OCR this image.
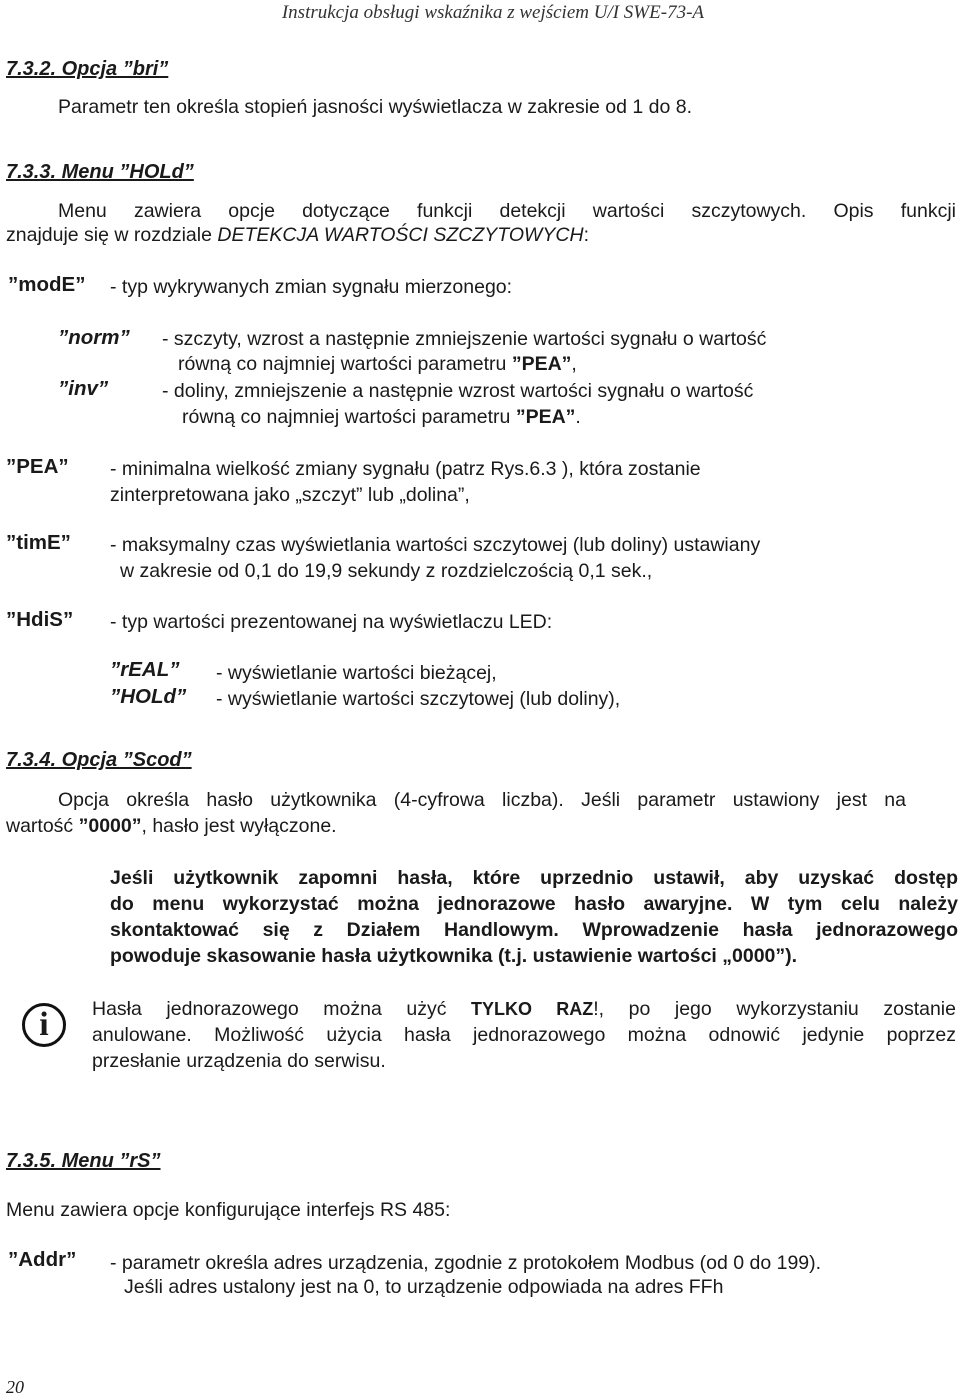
Instrukcja obsługi wskaźnika z wejściem U/I SWE-73-A
7.3.2. Opcja ”bri”
Parametr ten określa stopień jasności wyświetlacza w zakresie od 1 do 8.
7.3.3. Menu ”HOLd”
Menu zawiera opcje dotyczące funkcji detekcji wartości szczytowych. Opis funkcji
znajduje się w rozdziale DETEKCJA WARTOŚCI SZCZYTOWYCH:
”modE” - typ wykrywanych zmian sygnału mierzonego:
”norm” - szczyty, wzrost a następnie zmniejszenie wartości sygnału o wartość
równą co najmniej wartości parametru ”PEA”,
”inv”	- doliny, zmniejszenie a następnie wzrost wartości sygnału o wartość
równą co najmniej wartości parametru ”PEA”.
”PEA” - minimalna wielkość zmiany sygnału (patrz Rys.6.3 ), która zostanie
zinterpretowana jako „szczyt” lub „dolina”,
”timE” - maksymalny czas wyświetlania wartości szczytowej (lub doliny) ustawiany
w zakresie od 0,1 do 19,9 sekundy z rozdzielczością 0,1 sek.,
”HdiS” - typ wartości prezentowanej na wyświetlaczu LED:
”rEAL” - wyświetlanie wartości bieżącej,
”HOLd” - wyświetlanie wartości szczytowej (lub doliny),
7.3.4. Opcja ”Scod”
Opcja określa hasło użytkownika (4-cyfrowa liczba). Jeśli parametr ustawiony jest na
wartość ”0000”, hasło jest wyłączone.
Jeśli użytkownik zapomni hasła, które uprzednio ustawił, aby uzyskać dostęp
do menu wykorzystać można jednorazowe hasło awaryjne. W tym celu należy
skontaktować się z Działem Handlowym. Wprowadzenie hasła jednorazowego
powoduje skasowanie hasła użytkownika (t.j. ustawienie wartości „0000”).
i	Hasła jednorazowego można użyć TYLKO RAZ!, po jego wykorzystaniu zostanie
anulowane. Możliwość użycia hasła jednorazowego można odnowić jedynie poprzez
przesłanie urządzenia do serwisu.
7.3.5. Menu ”rS”
Menu zawiera opcje konfigurujące interfejs RS 485:
”Addr” - parametr określa adres urządzenia, zgodnie z protokołem Modbus (od 0 do 199).
Jeśli adres ustalony jest na 0, to urządzenie odpowiada na adres FFh
20
